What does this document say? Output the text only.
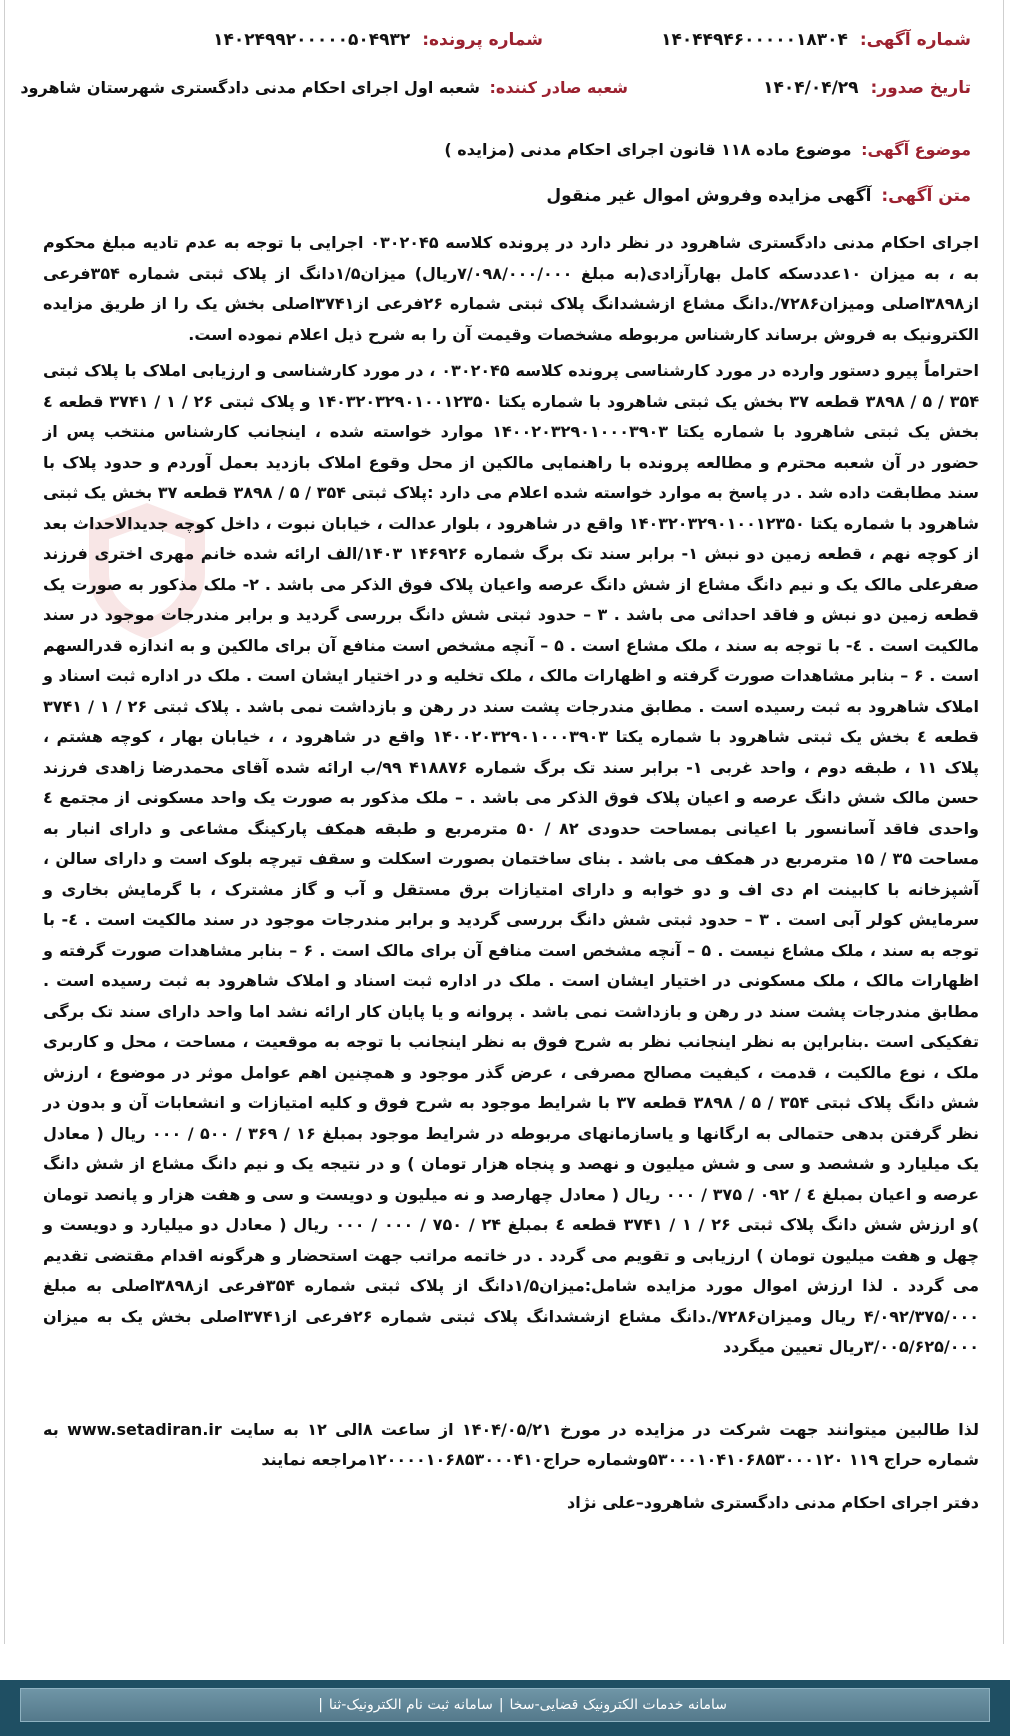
شماره آگهی: ۱۴۰۴۴۹۴۶۰۰۰۰۰۱۸۳۰۴
شماره پرونده: ۱۴۰۲۴۹۹۲۰۰۰۰۰۵۰۴۹۳۲
تاریخ صدور: ۱۴۰۴/۰۴/۲۹
شعبه صادر کننده: شعبه اول اجرای احکام مدنی دادگستری شهرستان شاهرود
موضوع آگهی: موضوع ماده ۱۱۸ قانون اجرای احکام مدنی (مزایده )
متن آگهی: آگهی مزایده وفروش اموال غیر منقول

اجرای احکام مدنی دادگستری شاهرود در نظر دارد در پرونده کلاسه ۰۳۰۲۰۴۵ اجرایی با توجه به عدم تادیه مبلغ محکوم به ، به میزان ۱۰عددسکه کامل بهارآزادی(به مبلغ ۷/۰۹۸/۰۰۰/۰۰۰ریال) میزان۱/۵دانگ از پلاک ثبتی شماره ۳۵۴فرعی از۳۸۹۸اصلی ومیزان۷۲۸۶/.دانگ مشاع ازششدانگ پلاک ثبتی شماره ۲۶فرعی از۳۷۴۱اصلی بخش یک را از طریق مزایده الکترونیک به فروش برساند کارشناس مربوطه مشخصات وقیمت آن را به شرح ذیل اعلام نموده است.

احتراماً پیرو دستور وارده در مورد کارشناسی پرونده کلاسه ۰۳۰۲۰۴۵ ، در مورد کارشناسی و ارزیابی املاک با پلاک ثبتی ۳۵۴ / ۵ / ۳۸۹۸ قطعه ۳۷ بخش یک ثبتی شاهرود با شماره یکتا ۱۴۰۳۲۰۳۲۹۰۱۰۰۱۲۳۵۰ و پلاک ثبتی ۲۶ / ۱ / ۳۷۴۱ قطعه ٤ بخش یک ثبتی شاهرود با شماره یکتا ۱۴۰۰۲۰۳۲۹۰۱۰۰۰۳۹۰۳ موارد خواسته شده ، اینجانب کارشناس منتخب پس از حضور در آن شعبه محترم و مطالعه پرونده با راهنمایی مالکین از محل وقوع املاک بازدید بعمل آوردم و حدود پلاک با سند مطابقت داده شد . در پاسخ به موارد خواسته شده اعلام می دارد :پلاک ثبتی ۳۵۴ / ۵ / ۳۸۹۸ قطعه ۳۷ بخش یک ثبتی شاهرود با شماره یکتا ۱۴۰۳۲۰۳۲۹۰۱۰۰۱۲۳۵۰ واقع در شاهرود ، بلوار عدالت ، خیابان نبوت ، داخل کوچه جدیدالاحداث بعد از کوچه نهم ، قطعه زمین دو نبش ۱- برابر سند تک برگ شماره ۱۴۶۹۲۶ ۱۴۰۳/الف ارائه شده خانم مهری اختری فرزند صفرعلی مالک یک و نیم دانگ مشاع از شش دانگ عرصه واعیان پلاک فوق الذکر می باشد . ۲- ملک مذکور به صورت یک قطعه زمین دو نبش و فاقد احداثی می باشد . ۳ – حدود ثبتی شش دانگ بررسی گردید و برابر مندرجات موجود در سند مالکیت است . ٤- با توجه به سند ، ملک مشاع است . ۵ – آنچه مشخص است منافع آن برای مالکین و به اندازه قدرالسهم است . ۶ – بنابر مشاهدات صورت گرفته و اظهارات مالک ، ملک تخلیه و در اختیار ایشان است . ملک در اداره ثبت اسناد و املاک شاهرود به ثبت رسیده است . مطابق مندرجات پشت سند در رهن و بازداشت نمی باشد . پلاک ثبتی ۲۶ / ۱ / ۳۷۴۱ قطعه ٤ بخش یک ثبتی شاهرود با شماره یکتا ۱۴۰۰۲۰۳۲۹۰۱۰۰۰۳۹۰۳ واقع در شاهرود ، ، خیابان بهار ، کوچه هشتم ، پلاک ۱۱ ، طبقه دوم ، واحد غربی ۱- برابر سند تک برگ شماره ۴۱۸۸۷۶ ۹۹/ب ارائه شده آقای محمدرضا زاهدی فرزند حسن مالک شش دانگ عرصه و اعیان پلاک فوق الذکر می باشد . – ملک مذکور به صورت یک واحد مسکونی از مجتمع ٤ واحدی فاقد آسانسور با اعیانی بمساحت حدودی ۸۲ / ۵۰ مترمربع و طبقه همکف پارکینگ مشاعی و دارای انبار به مساحت ۳۵ / ۱۵ مترمربع در همکف می باشد . بنای ساختمان بصورت اسکلت و سقف تیرچه بلوک است و دارای سالن ، آشپزخانه با کابینت ام دی اف و دو خوابه و دارای امتیازات برق مستقل و آب و گاز مشترک ، با گرمایش بخاری و سرمایش کولر آبی است . ۳ – حدود ثبتی شش دانگ بررسی گردید و برابر مندرجات موجود در سند مالکیت است . ٤- با توجه به سند ، ملک مشاع نیست . ۵ – آنچه مشخص است منافع آن برای مالک است . ۶ – بنابر مشاهدات صورت گرفته و اظهارات مالک ، ملک مسکونی در اختیار ایشان است . ملک در اداره ثبت اسناد و املاک شاهرود به ثبت رسیده است . مطابق مندرجات پشت سند در رهن و بازداشت نمی باشد . پروانه و یا پایان کار ارائه نشد اما واحد دارای سند تک برگی تفکیکی است .بنابراین به نظر اینجانب نظر به شرح فوق به نظر اینجانب با توجه به موقعیت ، مساحت ، محل و کاربری ملک ، نوع مالکیت ، قدمت ، کیفیت مصالح مصرفی ، عرض گذر موجود و همچنین اهم عوامل موثر در موضوع ، ارزش شش دانگ پلاک ثبتی ۳۵۴ / ۵ / ۳۸۹۸ قطعه ۳۷ با شرایط موجود به شرح فوق و کلیه امتیازات و انشعابات آن و بدون در نظر گرفتن بدهی حتمالی به ارگانها و یاسازمانهای مربوطه در شرایط موجود بمبلغ ۱۶ / ۳۶۹ / ۵۰۰ / ۰۰۰ ریال ( معادل یک میلیارد و ششصد و سی و شش میلیون و نهصد و پنجاه هزار تومان ) و در نتیجه یک و نیم دانگ مشاع از شش دانگ عرصه و اعیان بمبلغ ٤ / ۰۹۲ / ۳۷۵ / ۰۰۰ ریال ( معادل چهارصد و نه میلیون و دویست و سی و هفت هزار و پانصد تومان )و ارزش شش دانگ پلاک ثبتی ۲۶ / ۱ / ۳۷۴۱ قطعه ٤ بمبلغ ۲۴ / ۷۵۰ / ۰۰۰ / ۰۰۰ ریال ( معادل دو میلیارد و دویست و چهل و هفت میلیون تومان ) ارزیابی و تقویم می گردد . در خاتمه مراتب جهت استحضار و هرگونه اقدام مقتضی تقدیم می گردد . لذا ارزش اموال مورد مزایده شامل:میزان۱/۵دانگ از پلاک ثبتی شماره ۳۵۴فرعی از۳۸۹۸اصلی به مبلغ ۴/۰۹۲/۳۷۵/۰۰۰ ریال ومیزان۷۲۸۶/.دانگ مشاع ازششدانگ پلاک ثبتی شماره ۲۶فرعی از۳۷۴۱اصلی بخش یک به میزان ۳/۰۰۵/۶۲۵/۰۰۰ریال تعیین میگردد

لذا طالبین میتوانند جهت شرکت در مزایده در مورخ ۱۴۰۴/۰۵/۲۱ از ساعت ۸الی ۱۲ به سایت www.setadiran.ir به شماره حراج ۱۱۹ ۵۳۰۰۰۱۰۴۱۰۶۸۵۳۰۰۰۱۲۰وشماره حراج۱۲۰۰۰۰۱۰۶۸۵۳۰۰۰۴۱۰مراجعه نمایند

دفتر اجرای احکام مدنی دادگستری شاهرود–علی نژاد

سامانه خدمات الکترونیک قضایی-سخا|سامانه ثبت نام الکترونیک-ثنا|
